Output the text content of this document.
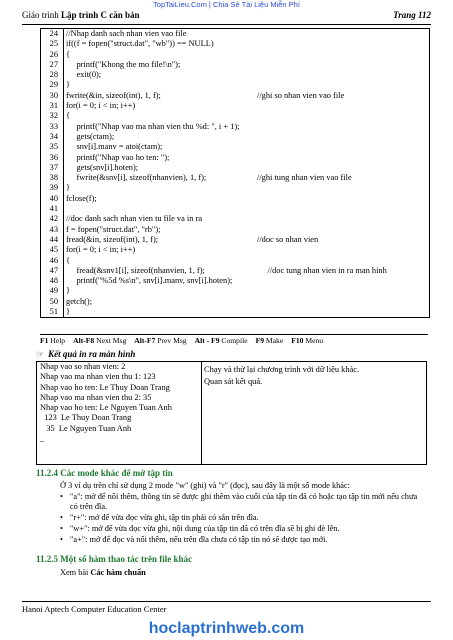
TopTaiLieu.Com | Chia Sẻ Tài Liệu Miễn Phí
Giáo trình Lập trình C căn bản	Trang 112
24 //Nhap danh sach nhan vien vao file
25 if((f = fopen("struct.dat", "wb")) == NULL)
26 {
27 printf("Khong the mo file!\n");
28 exit(0);
29 }
30 fwrite(&in, sizeof(int), 1, f);	//ghi so nhan vien vao file
31 for(i = 0; i < in; i++)
32 {
33 printf("Nhap vao ma nhan vien thu %d: ", i + 1);
34 gets(ctam);
35 snv[i].manv = atoi(ctam);
36 printf("Nhap vao ho ten: ");
37 gets(snv[i].hoten);
38 fwrite(&snv[i], sizeof(nhanvien), 1, f);	//ghi tung nhan vien vao file
39 }
40 fclose(f);
41
42 //doc danh sach nhan vien tu file va in ra
43 f = fopen("struct.dat", "rb");
44 fread(&in, sizeof(int), 1, f);	//doc so nhan vien
45 for(i = 0; i < in; i++)
46 {
47 fread(&snv1[i], sizeof(nhanvien, 1, f);	//doc tung nhan vien in ra man hinh
48 printf("%5d %s\n", snv[i].manv, snv[i].hoten);
49 }
50 getch();
51 }
F1 Help Alt-F8 Next Msg Alt-F7 Prev Msg Alt - F9 Compile F9 Make F10 Menu
☞ Kết quả in ra màn hình
Nhap vao so nhan vien: 2
Nhap vao ma nhan vien thu 1: 123
Nhap vao ho ten: Le Thuy Doan Trang
Nhap vao ma nhan vien thu 2: 35
Nhap vao ho ten: Le Nguyen Tuan Anh
123  Le Thuy Doan Trang
35  Le Nguyen Tuan Anh
_
Chạy và thử lại chương trình với dữ liệu khác.
Quan sát kết quả.
11.2.4 Các mode khác để mở tập tin
Ở 3 ví dụ trên chỉ sử dụng 2 mode "w" (ghi) và "r" (đọc), sau đây là một số mode khác:
• "a": mở để nối thêm, thông tin sẽ được ghi thêm vào cuối của tập tin đã có hoặc tạo tập tin mới nếu chưa có trên đĩa.
• "r+": mở để vừa đọc vừa ghi, tập tin phải có sẵn trên đĩa.
• "w+": mở để vừa đọc vừa ghi, nội dung của tập tin đã có trên đĩa sẽ bị ghi đè lên.
• "a+": mở để đọc và nối thêm, nếu trên đĩa chưa có tập tin nó sẽ được tạo mới.
11.2.5 Một số hàm thao tác trên file khác
Xem bài Các hàm chuẩn
Hanoi Aptech Computer Education Center
hoclaptrinhweb.com
